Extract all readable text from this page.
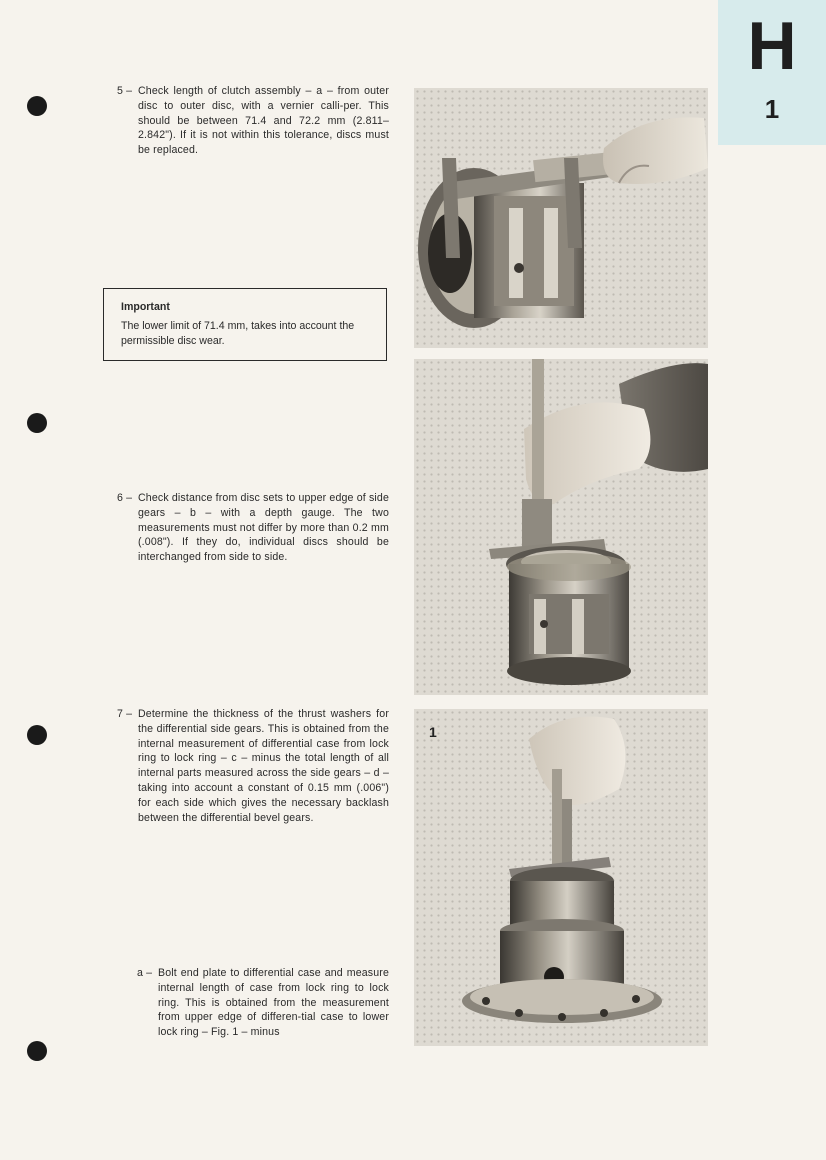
H
1
5 – Check length of clutch assembly – a – from outer disc to outer disc, with a vernier calli-per. This should be between 71.4 and 72.2 mm (2.811–2.842"). If it is not within this tolerance, discs must be replaced.
Important
The lower limit of 71.4 mm, takes into account the permissible disc wear.
6 – Check distance from disc sets to upper edge of side gears – b – with a depth gauge. The two measurements must not differ by more than 0.2 mm (.008"). If they do, individual discs should be interchanged from side to side.
7 – Determine the thickness of the thrust washers for the differential side gears. This is obtained from the internal measurement of differential case from lock ring to lock ring – c – minus the total length of all internal parts measured across the side gears – d – taking into account a constant of 0.15 mm (.006") for each side which gives the necessary backlash between the differential bevel gears.
a – Bolt end plate to differential case and measure internal length of case from lock ring to lock ring. This is obtained from the measurement from upper edge of differen-tial case to lower lock ring – Fig. 1 – minus
1
